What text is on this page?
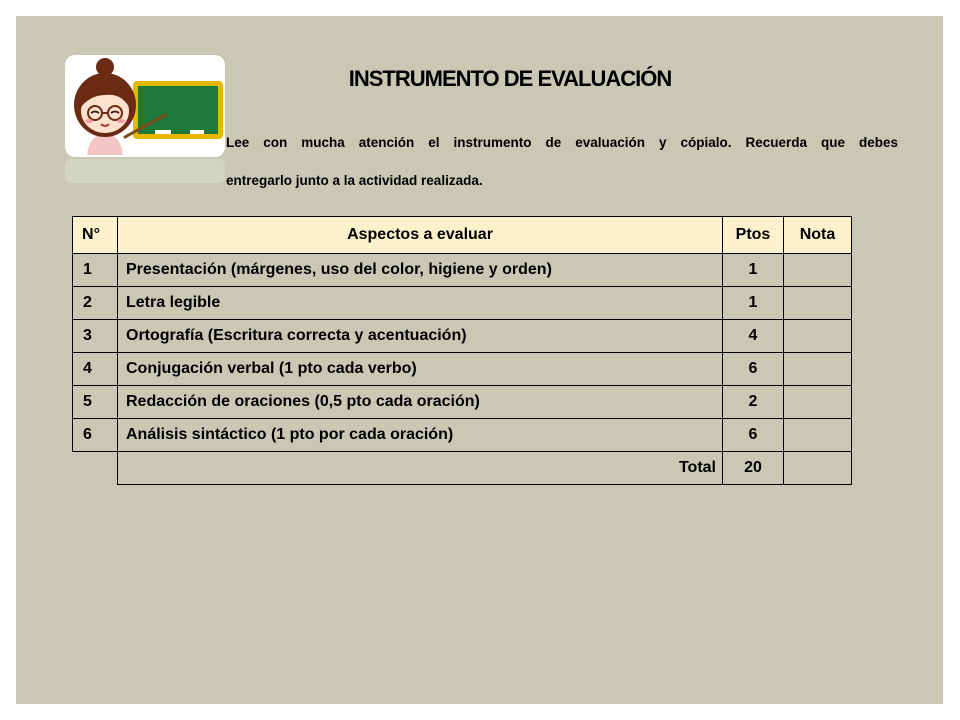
INSTRUMENTO DE EVALUACIÓN
Lee con mucha atención el instrumento de evaluación y cópialo. Recuerda que debes
entregarlo junto a la actividad realizada.
N°	Aspectos a evaluar	Ptos	Nota
1	Presentación (márgenes, uso del color, higiene y orden)	1	
2	Letra legible	1	
3	Ortografía (Escritura correcta y acentuación)	4	
4	Conjugación verbal (1 pto cada verbo)	6	
5	Redacción de oraciones (0,5 pto cada oración)	2	
6	Análisis sintáctico (1 pto por cada oración)	6	
	Total	20	
